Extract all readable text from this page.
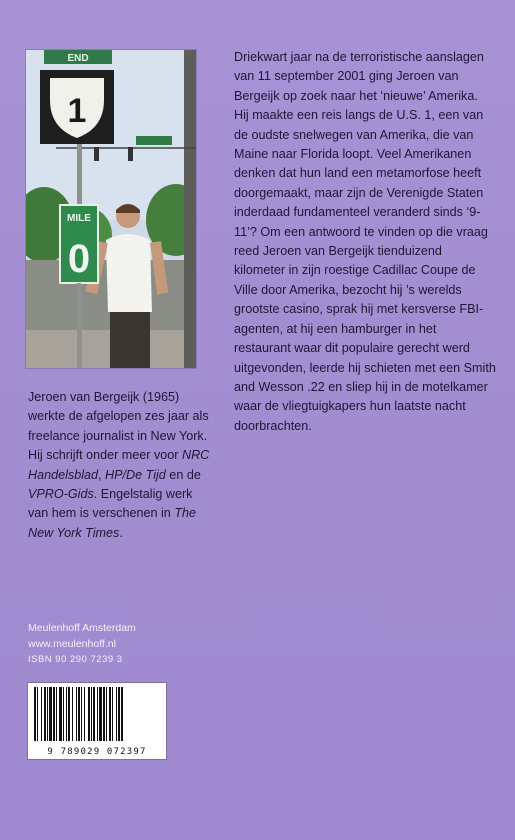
END
1
MILE
0

Driekwart jaar na de terroristische aanslagen van 11 september 2001 ging Jeroen van Bergeijk op zoek naar het ‘nieuwe’ Amerika. Hij maakte een reis langs de U.S. 1, een van de oudste snelwegen van Amerika, die van Maine naar Florida loopt. Veel Amerikanen denken dat hun land een metamorfose heeft doorgemaakt, maar zijn de Verenigde Staten inderdaad fundamenteel veranderd sinds ‘9-11’? Om een antwoord te vinden op die vraag reed Jeroen van Bergeijk tienduizend kilometer in zijn roestige Cadillac Coupe de Ville door Amerika, bezocht hij ’s werelds grootste casino, sprak hij met kersverse FBI-agenten, at hij een hamburger in het restaurant waar dit populaire gerecht werd uitgevonden, leerde hij schieten met een Smith and Wesson .22 en sliep hij in de motelkamer waar de vliegtuigkapers hun laatste nacht doorbrachten.

Jeroen van Bergeijk (1965) werkte de afgelopen zes jaar als freelance journalist in New York. Hij schrijft onder meer voor NRC Handelsblad, HP/De Tijd en de VPRO-Gids. Engelstalig werk van hem is verschenen in The New York Times.

Meulenhoff Amsterdam
www.meulenhoff.nl
ISBN 90 290 7239 3
9 789029 072397
